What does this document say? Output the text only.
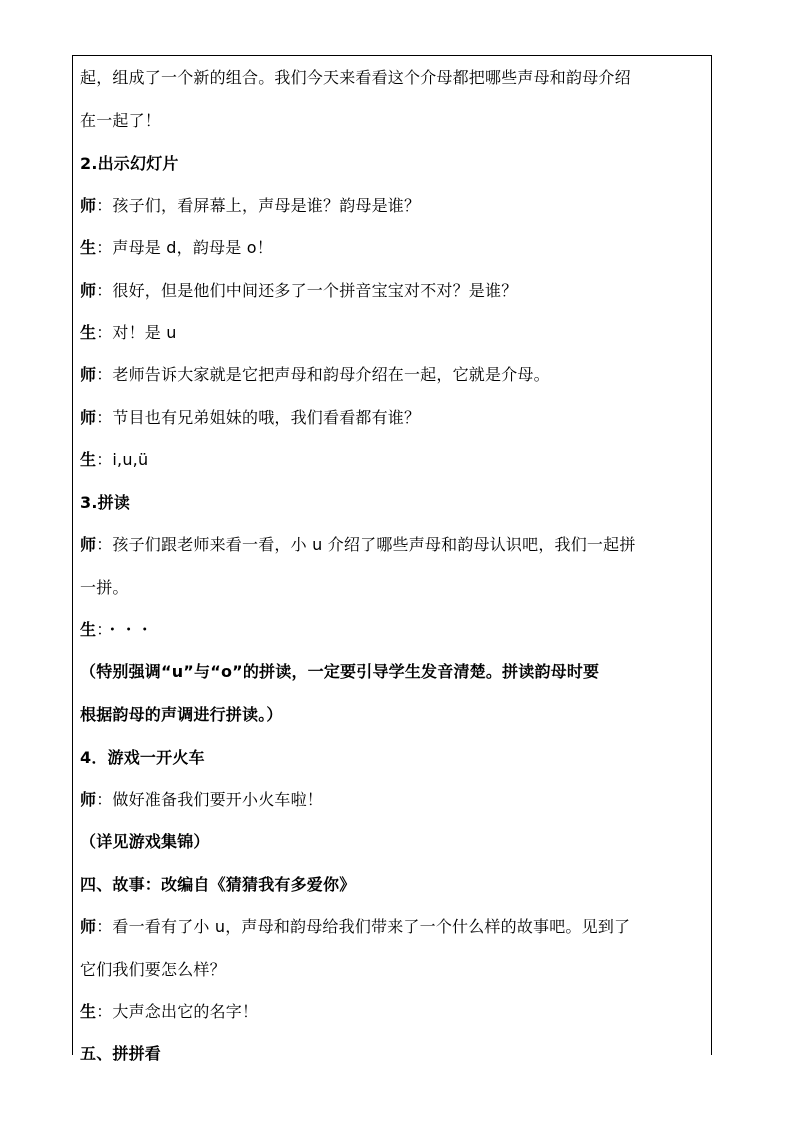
起，组成了一个新的组合。我们今天来看看这个介母都把哪些声母和韵母介绍
在一起了！
2.出示幻灯片
师：孩子们，看屏幕上，声母是谁？韵母是谁？
生：声母是 d，韵母是 o！
师：很好，但是他们中间还多了一个拼音宝宝对不对？是谁？
生：对！是 u
师：老师告诉大家就是它把声母和韵母介绍在一起，它就是介母。
师：节目也有兄弟姐妹的哦，我们看看都有谁？
生：i,u,ü
3.拼读
师：孩子们跟老师来看一看，小 u 介绍了哪些声母和韵母认识吧，我们一起拼
一拼。
生：・・・
（特别强调“u”与“o”的拼读，一定要引导学生发音清楚。拼读韵母时要
根据韵母的声调进行拼读。）
4．游戏一开火车
师：做好准备我们要开小火车啦！
（详见游戏集锦）
四、故事：改编自《猜猜我有多爱你》
师：看一看有了小 u，声母和韵母给我们带来了一个什么样的故事吧。见到了
它们我们要怎么样？
生：大声念出它的名字！
五、拼拼看
